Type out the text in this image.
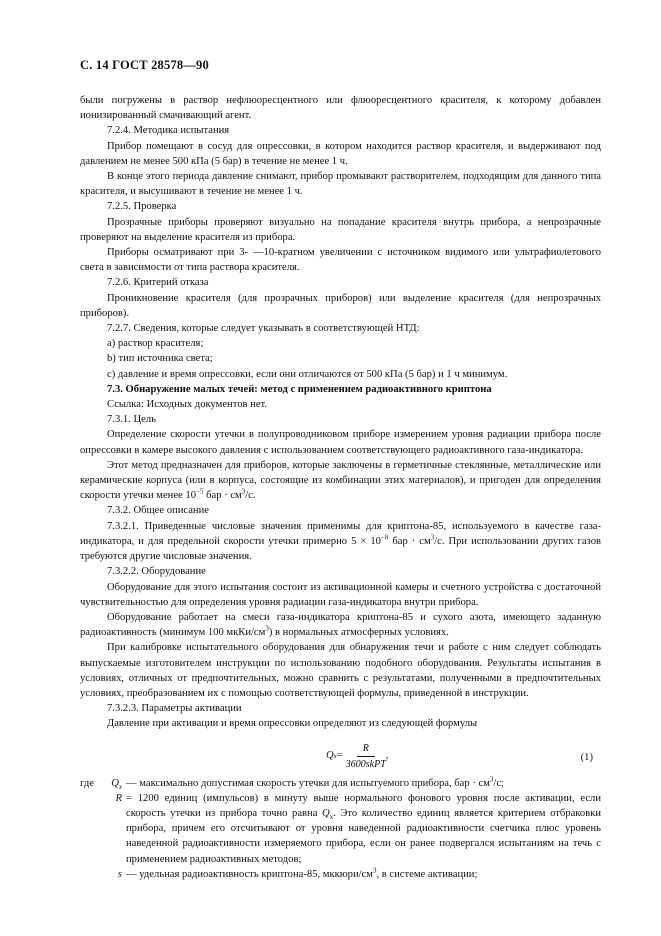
С. 14 ГОСТ 28578—90

были погружены в раствор нефлюоресцентного или флюоресцентного красителя, к которому добавлен ионизированный смачивающий агент.

7.2.4. Методика испытания

Прибор помещают в сосуд для опрессовки, в котором находится раствор красителя, и выдерживают под давлением не менее 500 кПа (5 бар) в течение не менее 1 ч.

В конце этого периода давление снимают, прибор промывают растворителем, подходящим для данного типа красителя, и высушивают в течение не менее 1 ч.

7.2.5. Проверка

Прозрачные приборы проверяют визуально на попадание красителя внутрь прибора, а непрозрачные проверяют на выделение красителя из прибора.

Приборы осматривают при 3- —10-кратном увеличении с источником видимого или ультрафиолетового света в зависимости от типа раствора красителя.

7.2.6. Критерий отказа

Проникновение красителя (для прозрачных приборов) или выделение красителя (для непрозрачных приборов).

7.2.7. Сведения, которые следует указывать в соответствующей НТД:

а) раствор красителя;

b) тип источника света;

с) давление и время опрессовки, если они отличаются от 500 кПа (5 бар) и 1 ч минимум.

7.3. Обнаружение малых течей: метод с применением радиоактивного криптона

Ссылка: Исходных документов нет.

7.3.1. Цель

Определение скорости утечки в полупроводниковом приборе измерением уровня радиации прибора после опрессовки в камере высокого давления с использованием соответствующего радиоактивного газа-индикатора.

Этот метод предназначен для приборов, которые заключены в герметичные стеклянные, металлические или керамические корпуса (или в корпуса, состоящие из комбинации этих материалов), и пригоден для определения скорости утечки менее $10^{-5}$ бар · $см^3/с$.

7.3.2. Общее описание

7.3.2.1. Приведенные числовые значения применимы для криптона-85, используемого в качестве газа-индикатора, и для предельной скорости утечки примерно $5 \times 10^{-8}$ бар · $см^3/с$. При использовании других газов требуются другие числовые значения.

7.3.2.2. Оборудование

Оборудование для этого испытания состоит из активационной камеры и счетного устройства с достаточной чувствительностью для определения уровня радиации газа-индикатора внутри прибора.

Оборудование работает на смеси газа-индикатора криптона-85 и сухого азота, имеющего заданную радиоактивность (минимум 100 мкКи/$см^3$) в нормальных атмосферных условиях.

При калибровке испытательного оборудования для обнаружения течи и работе с ним следует соблюдать выпускаемые изготовителем инструкции по использованию подобного оборудования. Результаты испытания в условиях, отличных от предпочтительных, можно сравнить с результатами, полученными в предпочтительных условиях, преобразованием их с помощью соответствующей формулы, приведенной в инструкции.

7.3.2.3. Параметры активации

Давление при активации и время опрессовки определяют из следующей формулы

Q $x = \frac{R}{\text{3600skPT}}$ ,	(1)
где	$Q_x$ — максимально допустимая скорость утечки для испытуемого прибора, бар · $см^3/с$;
R = 1200 единиц (импульсов) в минуту выше нормального фонового уровня после активации, если скорость утечки из прибора точно равна $Q_x$. Это количество единиц является критерием отбраковки прибора, причем его отсчитывают от уровня наведенной радиоактивности счетчика плюс уровень наведенной радиоактивности измеряемого прибора, если он ранее подвергался испытаниям на течь с применением радиоактивных методов;
s — удельная радиоактивность криптона-85, мккюри/$см^3$, в системе активации;
